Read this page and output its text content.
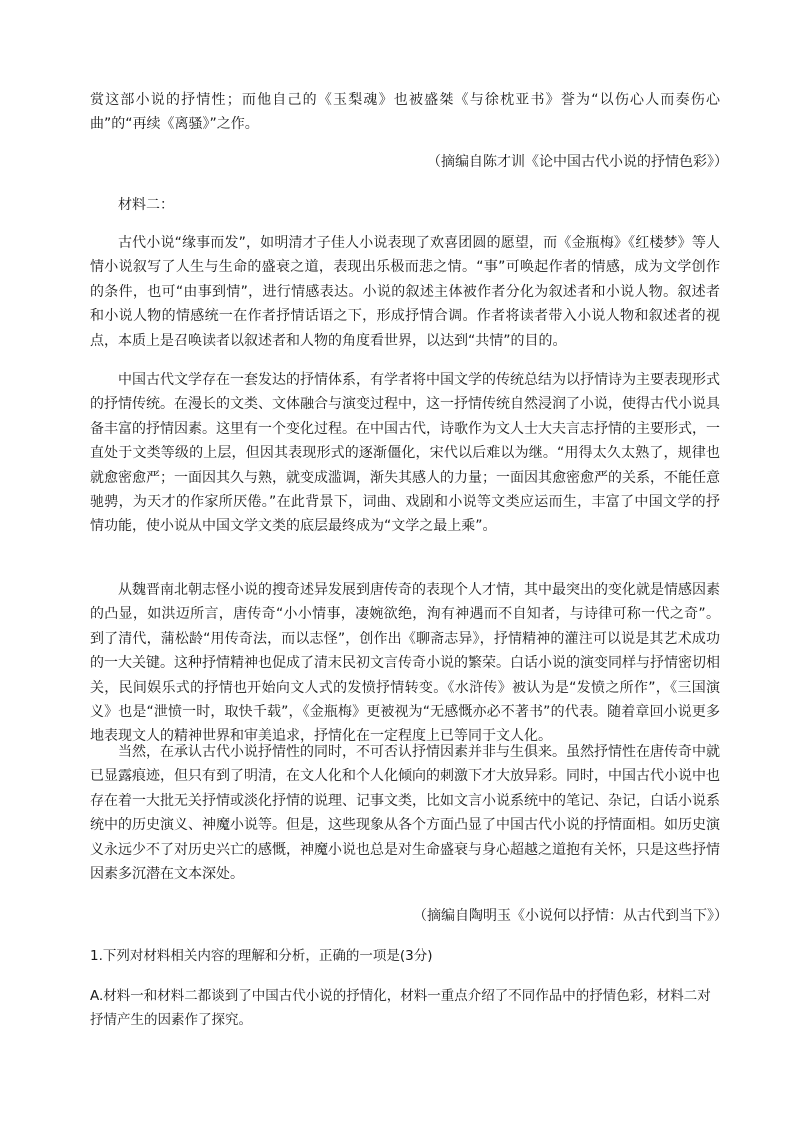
赏这部小说的抒情性；而他自己的《玉梨魂》也被盛桀《与徐枕亚书》誉为“以伤心人而奏伤心曲”的“再续《离骚》”之作。

（摘编自陈才训《论中国古代小说的抒情色彩》）

材料二：

古代小说“缘事而发”，如明清才子佳人小说表现了欢喜团圆的愿望，而《金瓶梅》《红楼梦》等人情小说叙写了人生与生命的盛衰之道，表现出乐极而悲之情。“事”可唤起作者的情感，成为文学创作的条件，也可“由事到情”，进行情感表达。小说的叙述主体被作者分化为叙述者和小说人物。叙述者和小说人物的情感统一在作者抒情话语之下，形成抒情合调。作者将读者带入小说人物和叙述者的视点，本质上是召唤读者以叙述者和人物的角度看世界，以达到“共情”的目的。

中国古代文学存在一套发达的抒情体系，有学者将中国文学的传统总结为以抒情诗为主要表现形式的抒情传统。在漫长的文类、文体融合与演变过程中，这一抒情传统自然浸润了小说，使得古代小说具备丰富的抒情因素。这里有一个变化过程。在中国古代，诗歌作为文人士大夫言志抒情的主要形式，一直处于文类等级的上层，但因其表现形式的逐渐僵化，宋代以后难以为继。“用得太久太熟了，规律也就愈密愈严；一面因其久与熟，就变成滥调，渐失其感人的力量；一面因其愈密愈严的关系，不能任意驰骋，为天才的作家所厌倦。”在此背景下，词曲、戏剧和小说等文类应运而生，丰富了中国文学的抒情功能，使小说从中国文学文类的底层最终成为“文学之最上乘”。

从魏晋南北朝志怪小说的搜奇述异发展到唐传奇的表现个人才情，其中最突出的变化就是情感因素的凸显，如洪迈所言，唐传奇“小小情事，凄婉欲绝，洵有神遇而不自知者，与诗律可称一代之奇”。到了清代，蒲松龄“用传奇法，而以志怪”，创作出《聊斋志异》，抒情精神的灌注可以说是其艺术成功的一大关键。这种抒情精神也促成了清末民初文言传奇小说的繁荣。白话小说的演变同样与抒情密切相关，民间娱乐式的抒情也开始向文人式的发愤抒情转变。《水浒传》被认为是“发愤之所作”，《三国演义》也是“泄愤一时，取快千载”，《金瓶梅》更被视为“无感慨亦必不著书”的代表。随着章回小说更多地表现文人的精神世界和审美追求，抒情化在一定程度上已等同于文人化。

当然，在承认古代小说抒情性的同时，不可否认抒情因素并非与生俱来。虽然抒情性在唐传奇中就已显露痕迹，但只有到了明清，在文人化和个人化倾向的刺激下才大放异彩。同时，中国古代小说中也存在着一大批无关抒情或淡化抒情的说理、记事文类，比如文言小说系统中的笔记、杂记，白话小说系统中的历史演义、神魔小说等。但是，这些现象从各个方面凸显了中国古代小说的抒情面相。如历史演义永远少不了对历史兴亡的感慨，神魔小说也总是对生命盛衰与身心超越之道抱有关怀，只是这些抒情因素多沉潜在文本深处。

（摘编自陶明玉《小说何以抒情：从古代到当下》）

1.下列对材料相关内容的理解和分析，正确的一项是(3分)

A.材料一和材料二都谈到了中国古代小说的抒情化，材料一重点介绍了不同作品中的抒情色彩，材料二对抒情产生的因素作了探究。
